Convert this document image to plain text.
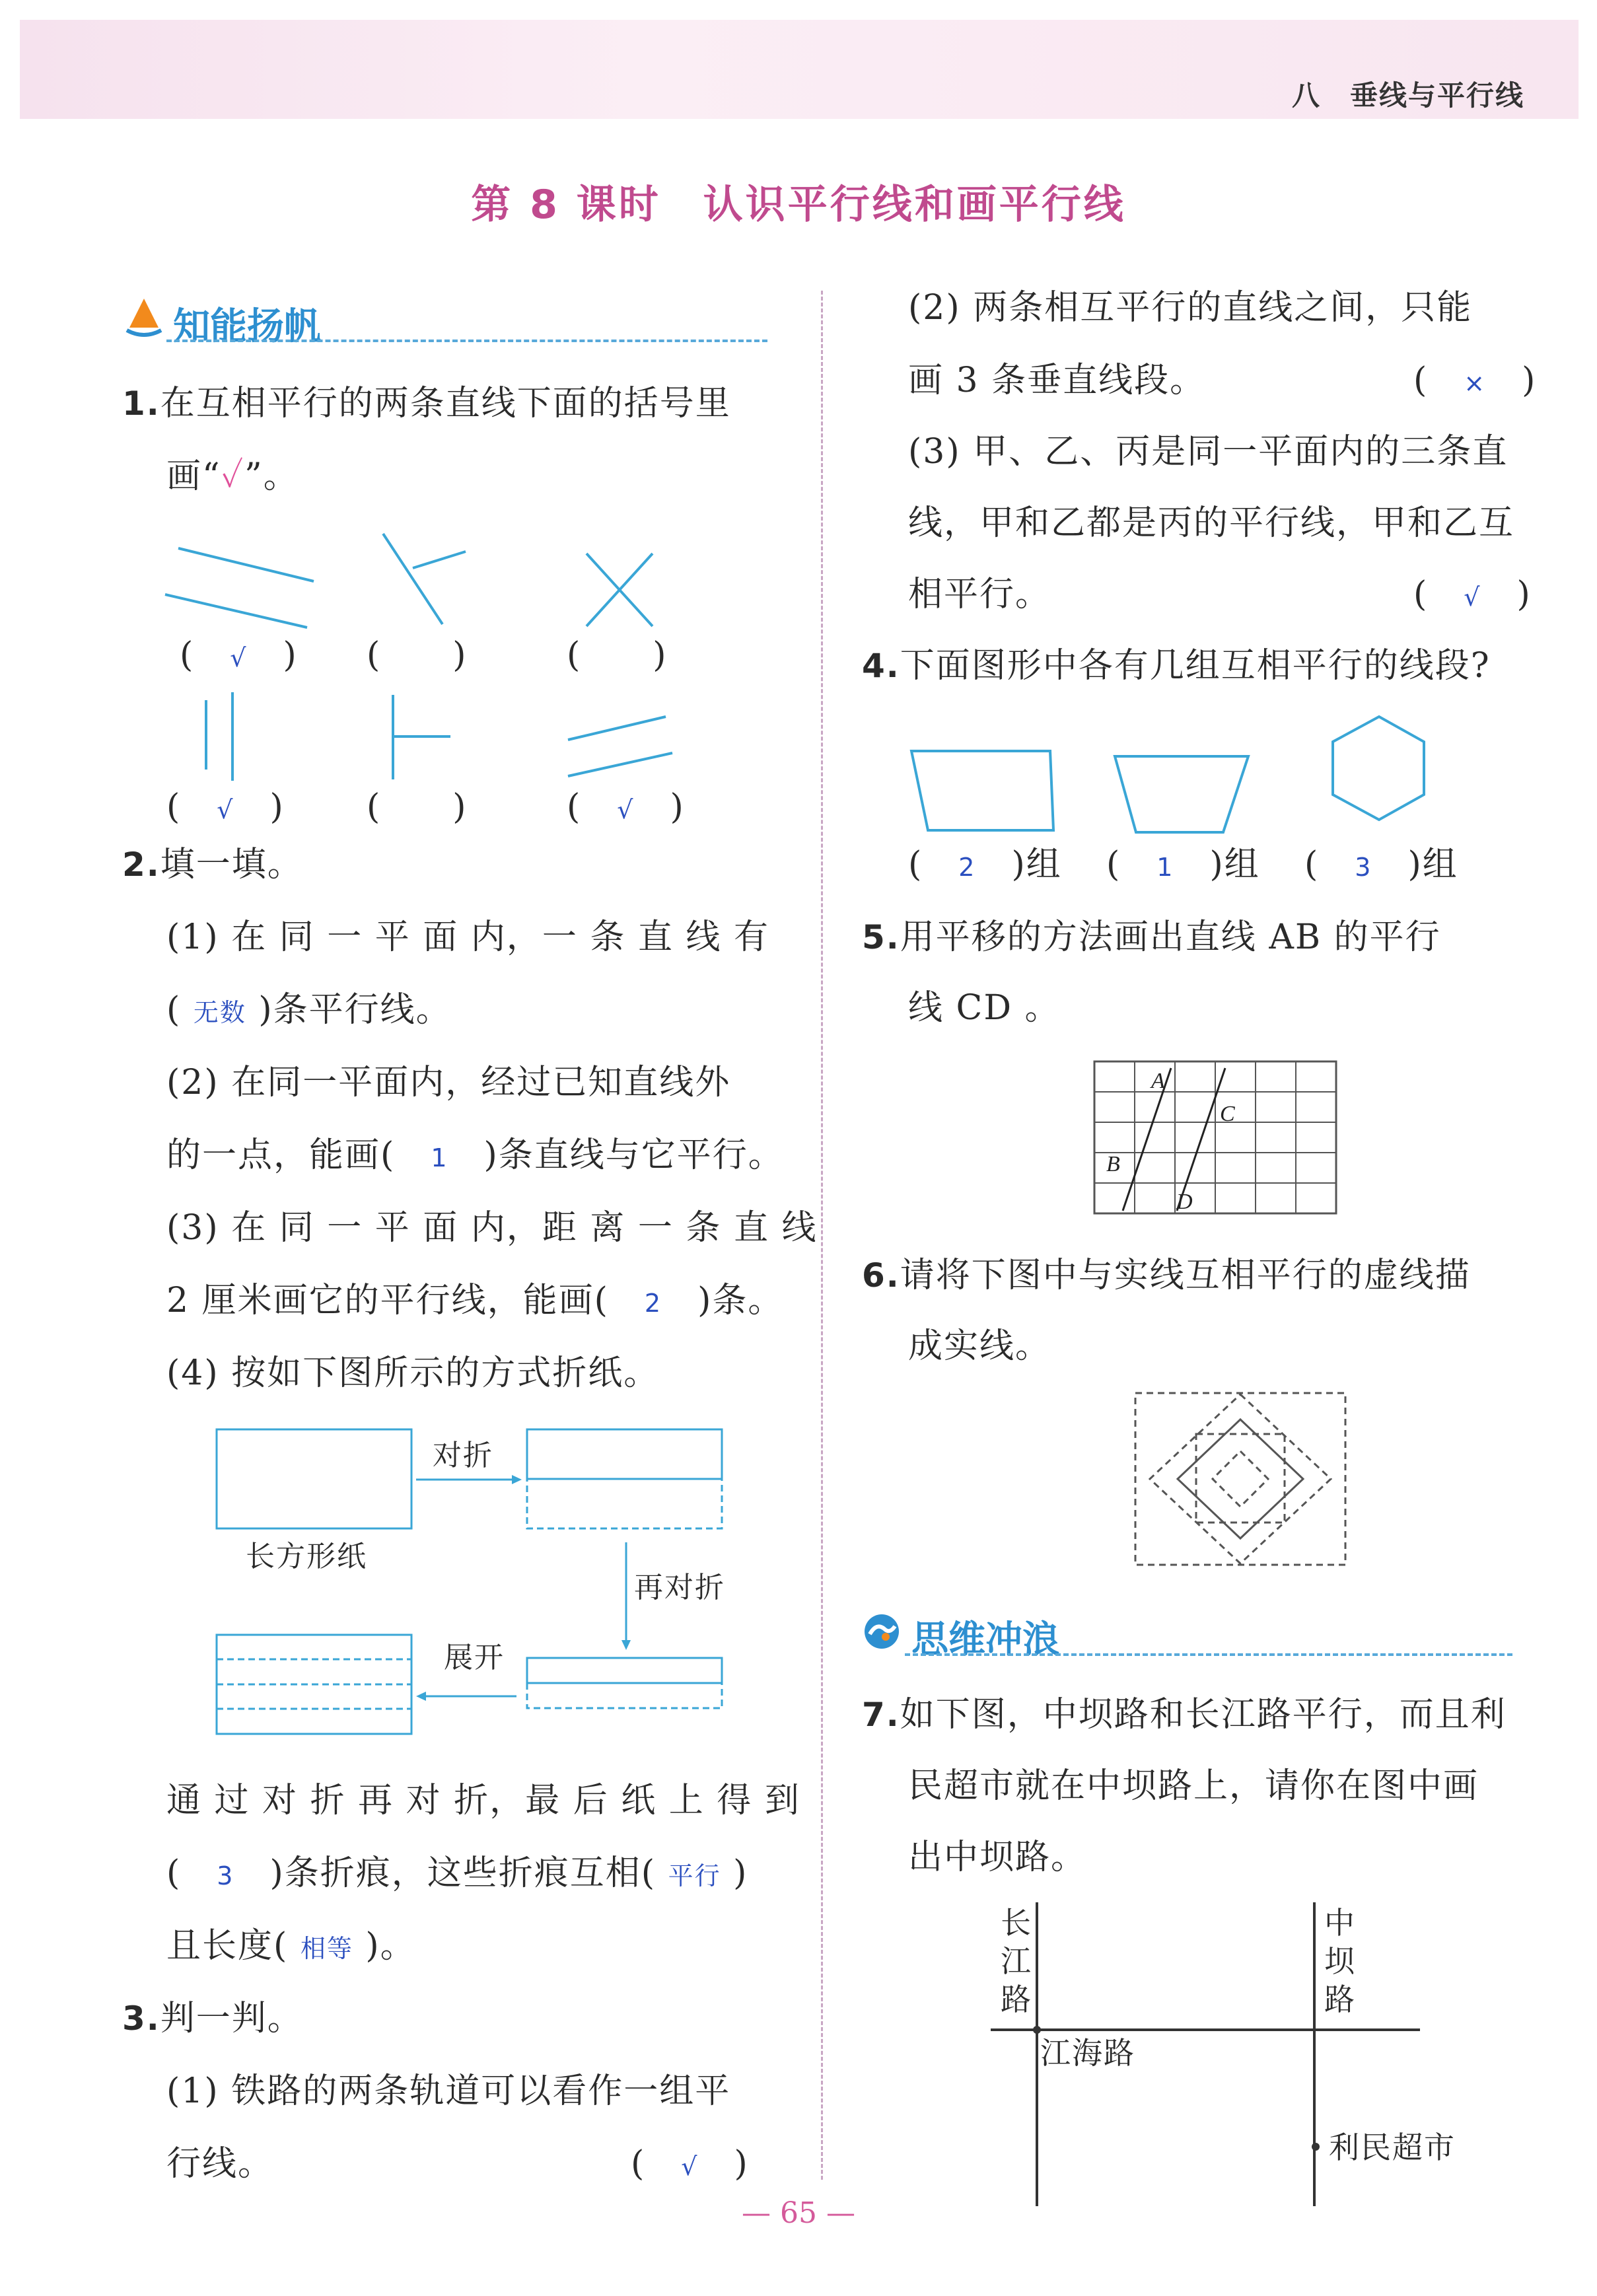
八　垂线与平行线
第 8 课时　认识平行线和画平行线
知能扬帆
1.在互相平行的两条直线下面的括号里
画“✓”。
(　√　) (　　)	(　　)
(　√　) (　　)	(　√　)
2.填一填。
(1) 在 同 一 平 面 内，一 条 直 线 有
( 无数 )条平行线。
(2) 在同一平面内，经过已知直线外
的一点，能画(　 1　 )条直线与它平行。
(3) 在 同 一 平 面 内，距 离 一 条 直 线
2 厘米画它的平行线，能画(　 2　 )条。
(4) 按如下图所示的方式折纸。
对折
长方形纸
再对折
展开
通 过 对 折 再 对 折，最 后 纸 上 得 到
(　3　 )条折痕，这些折痕互相( 平行 )
且长度( 相等 )。
3.判一判。
(1) 铁路的两条轨道可以看作一组平
行线。	(　√　)
(2) 两条相互平行的直线之间，只能
画 3 条垂直线段。	(　×　)
(3) 甲、乙、丙是同一平面内的三条直
线，甲和乙都是丙的平行线，甲和乙互
相平行。	(　√　)
4.下面图形中各有几组互相平行的线段?
(　2　 )组 (　1　 )组 (　3　 )组
5.用平移的方法画出直线 AB 的平行
线 CD 。
A
B
C
D
6.请将下图中与实线互相平行的虚线描
成实线。
思维冲浪
7.如下图，中坝路和长江路平行，而且利
民超市就在中坝路上，请你在图中画
出中坝路。
长
江
路
中
坝
路
江海路
利民超市
— 65 —
